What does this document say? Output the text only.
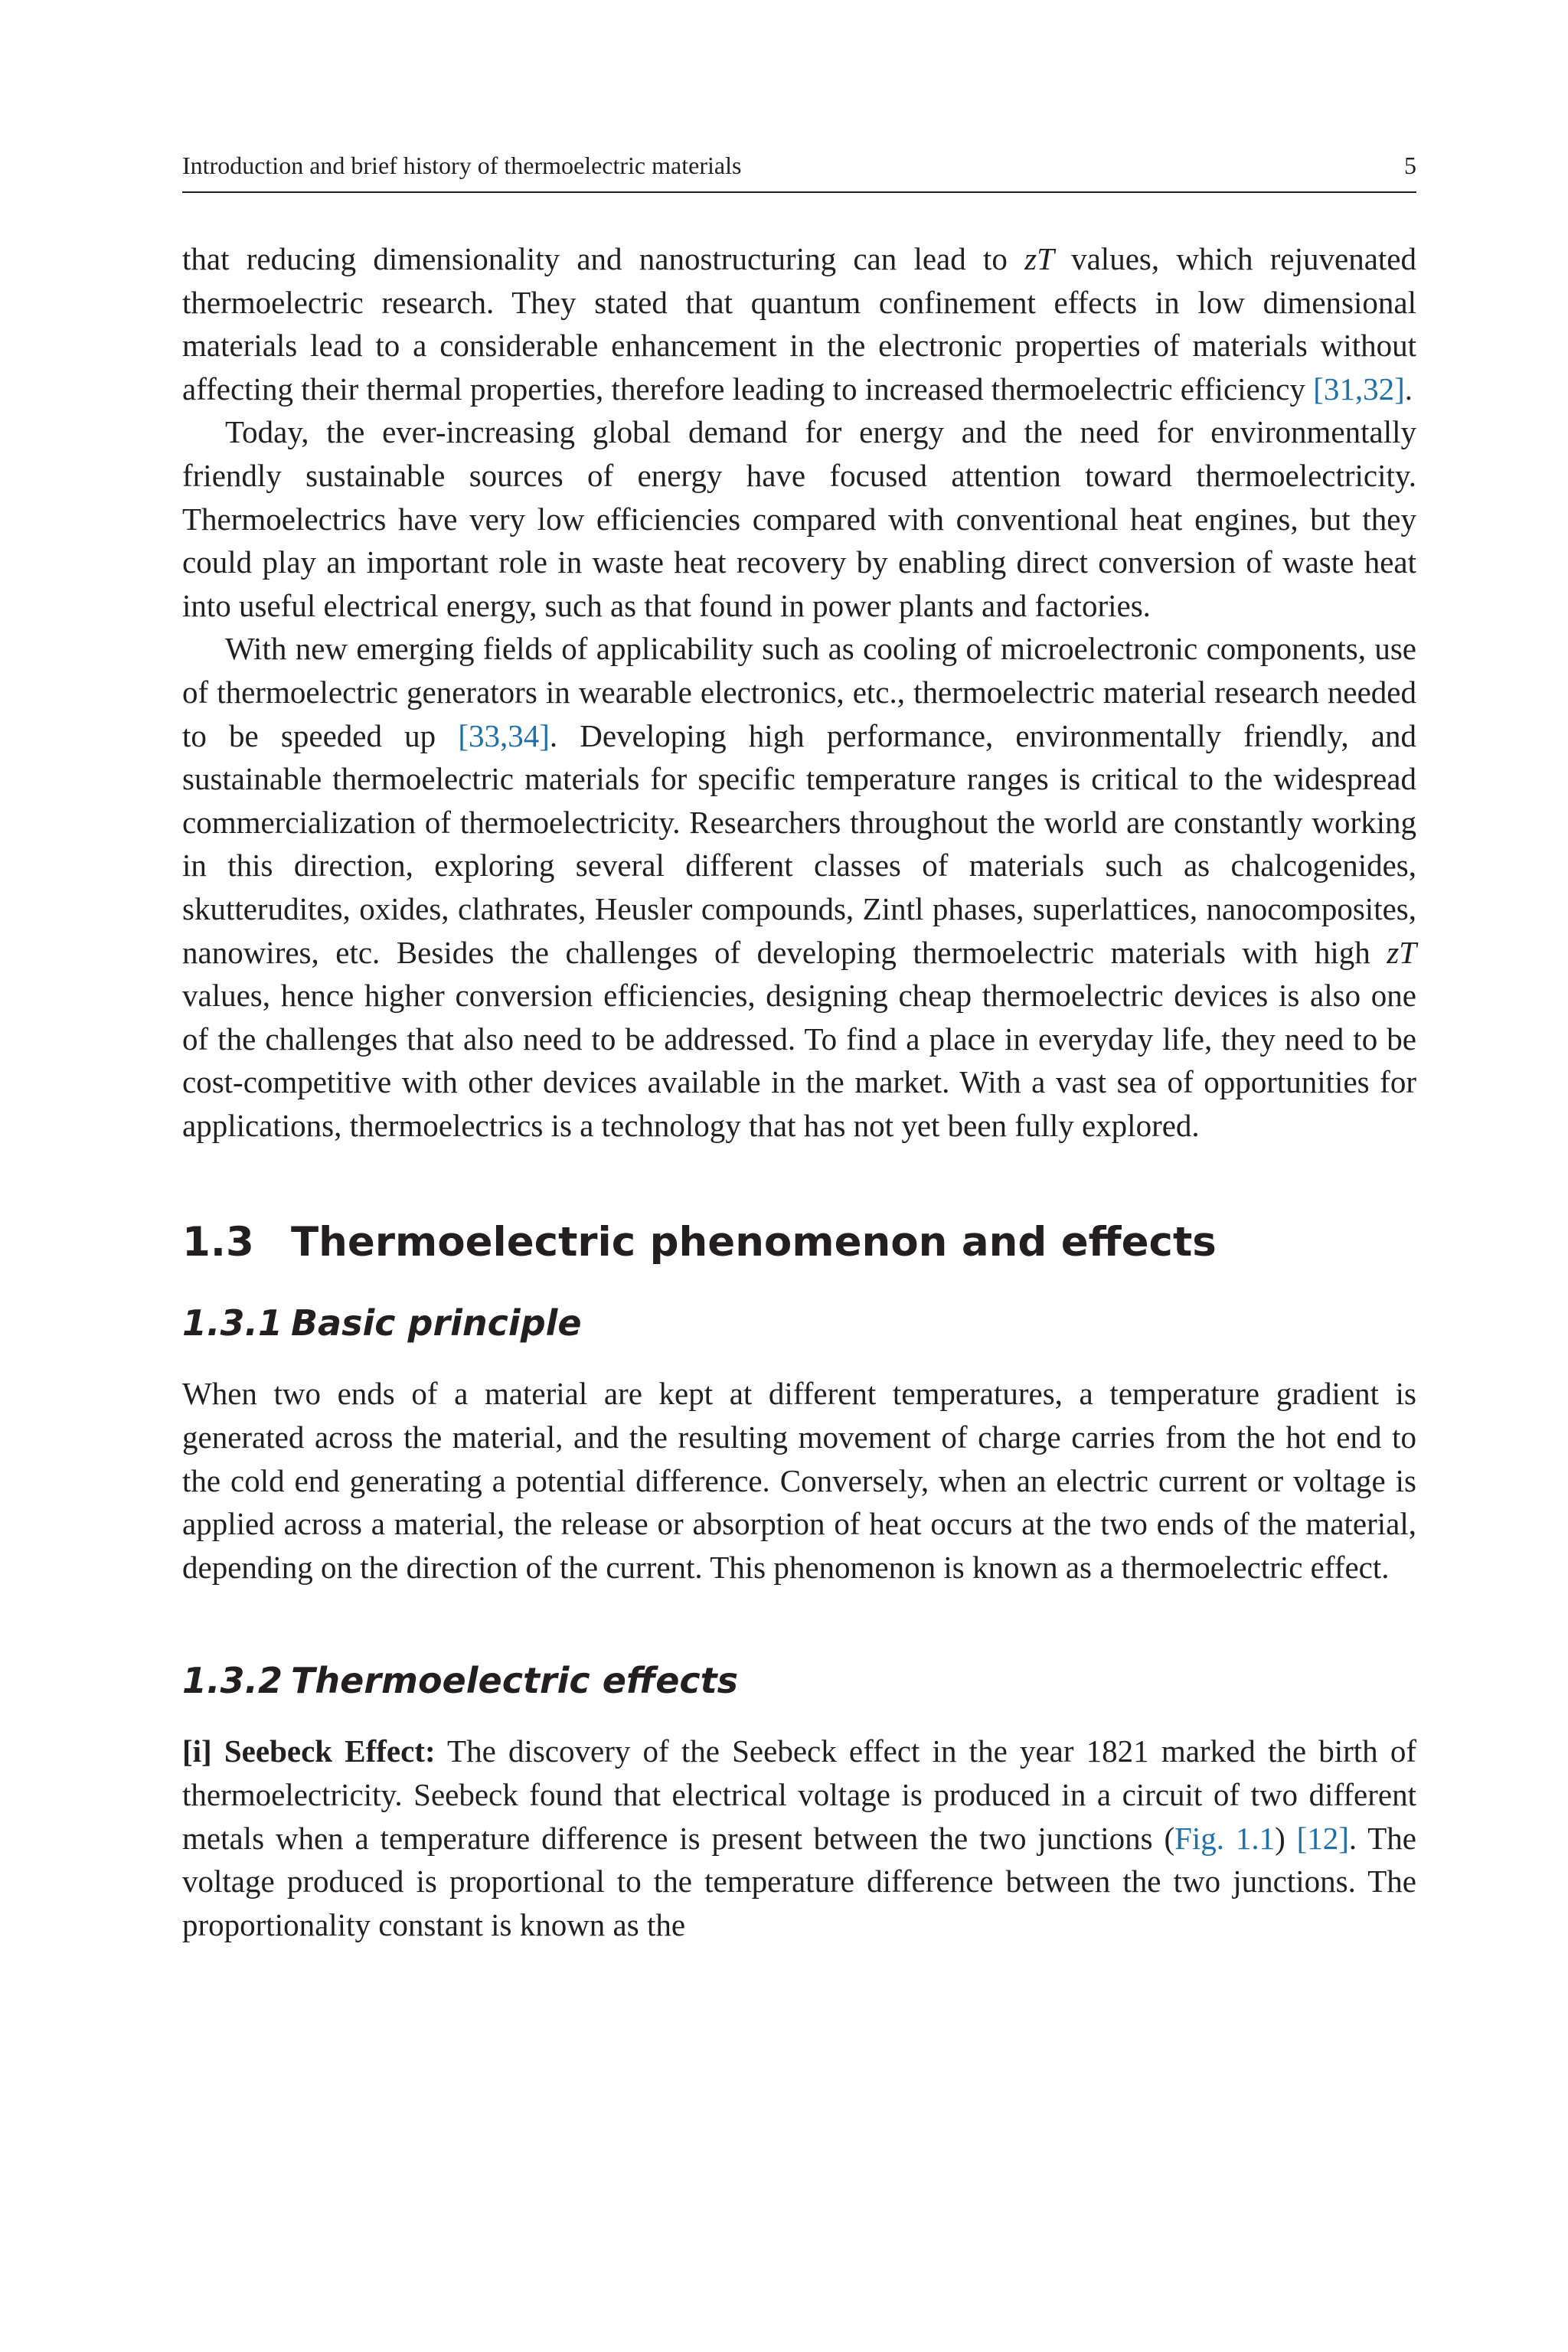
Introduction and brief history of thermoelectric materials	5

that reducing dimensionality and nanostructuring can lead to zT values, which rejuvenated thermoelectric research. They stated that quantum confinement effects in low dimensional materials lead to a considerable enhancement in the electronic properties of materials without affecting their thermal properties, therefore leading to increased thermoelectric efficiency [31,32].

Today, the ever-increasing global demand for energy and the need for environmentally friendly sustainable sources of energy have focused attention toward thermoelectricity. Thermoelectrics have very low efficiencies compared with conventional heat engines, but they could play an important role in waste heat recovery by enabling direct conversion of waste heat into useful electrical energy, such as that found in power plants and factories.

With new emerging fields of applicability such as cooling of microelectronic components, use of thermoelectric generators in wearable electronics, etc., thermoelectric material research needed to be speeded up [33,34]. Developing high performance, environmentally friendly, and sustainable thermoelectric materials for specific temperature ranges is critical to the widespread commercialization of thermoelectricity. Researchers throughout the world are constantly working in this direction, exploring several different classes of materials such as chalcogenides, skutterudites, oxides, clathrates, Heusler compounds, Zintl phases, superlattices, nanocomposites, nanowires, etc. Besides the challenges of developing thermoelectric materials with high zT values, hence higher conversion efficiencies, designing cheap thermoelectric devices is also one of the challenges that also need to be addressed. To find a place in everyday life, they need to be cost-competitive with other devices available in the market. With a vast sea of opportunities for applications, thermoelectrics is a technology that has not yet been fully explored.

1.3 Thermoelectric phenomenon and effects
1.3.1 Basic principle

When two ends of a material are kept at different temperatures, a temperature gradient is generated across the material, and the resulting movement of charge carries from the hot end to the cold end generating a potential difference. Conversely, when an electric current or voltage is applied across a material, the release or absorption of heat occurs at the two ends of the material, depending on the direction of the current. This phenomenon is known as a thermoelectric effect.

1.3.2 Thermoelectric effects

[i] Seebeck Effect: The discovery of the Seebeck effect in the year 1821 marked the birth of thermoelectricity. Seebeck found that electrical voltage is produced in a circuit of two different metals when a temperature difference is present between the two junctions (Fig. 1.1) [12]. The voltage produced is proportional to the temperature difference between the two junctions. The proportionality constant is known as the
